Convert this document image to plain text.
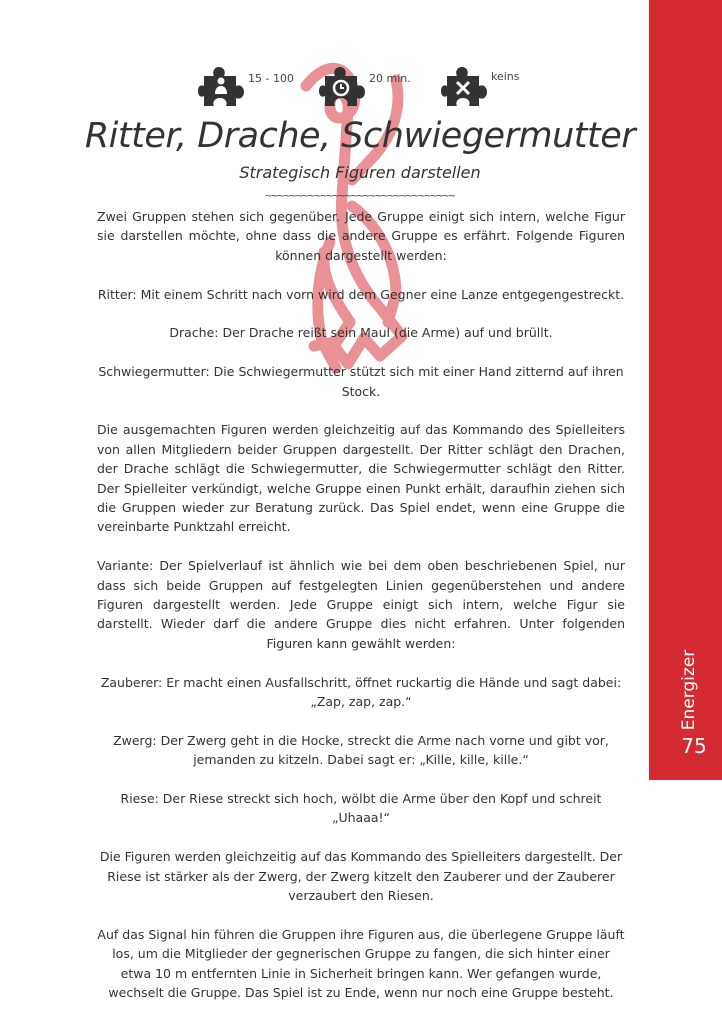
Energizer
75
15 - 100	20 min.	keins
Ritter, Drache, Schwiegermutter
Strategisch Figuren darstellen
~~~~~~~~~~~~~~~~~~~~~~~~~~~~~~~

Zwei Gruppen stehen sich gegenüber. Jede Gruppe einigt sich intern, welche Figur sie darstellen möchte, ohne dass die andere Gruppe es erfährt. Folgende Figuren können dargestellt werden:

Ritter: Mit einem Schritt nach vorn wird dem Gegner eine Lanze entgegengestreckt.

Drache: Der Drache reißt sein Maul (die Arme) auf und brüllt.

Schwiegermutter: Die Schwiegermutter stützt sich mit einer Hand zitternd auf ihren Stock.

Die ausgemachten Figuren werden gleichzeitig auf das Kommando des Spielleiters von allen Mitgliedern beider Gruppen dargestellt. Der Ritter schlägt den Drachen, der Drache schlägt die Schwiegermutter, die Schwiegermutter schlägt den Ritter. Der Spielleiter verkündigt, welche Gruppe einen Punkt erhält, daraufhin ziehen sich die Gruppen wieder zur Beratung zurück. Das Spiel endet, wenn eine Gruppe die vereinbarte Punktzahl erreicht.

Variante: Der Spielverlauf ist ähnlich wie bei dem oben beschriebenen Spiel, nur dass sich beide Gruppen auf festgelegten Linien gegenüberstehen und andere Figuren dargestellt werden. Jede Gruppe einigt sich intern, welche Figur sie darstellt. Wieder darf die andere Gruppe dies nicht erfahren. Unter folgenden Figuren kann gewählt werden:

Zauberer: Er macht einen Ausfallschritt, öffnet ruckartig die Hände und sagt dabei: „Zap, zap, zap.“

Zwerg: Der Zwerg geht in die Hocke, streckt die Arme nach vorne und gibt vor, jemanden zu kitzeln. Dabei sagt er: „Kille, kille, kille.“

Riese: Der Riese streckt sich hoch, wölbt die Arme über den Kopf und schreit „Uhaaa!“

Die Figuren werden gleichzeitig auf das Kommando des Spielleiters dargestellt. Der Riese ist stärker als der Zwerg, der Zwerg kitzelt den Zauberer und der Zauberer verzaubert den Riesen.

Auf das Signal hin führen die Gruppen ihre Figuren aus, die überlegene Gruppe läuft los, um die Mitglieder der gegnerischen Gruppe zu fangen, die sich hinter einer etwa 10 m entfernten Linie in Sicherheit bringen kann. Wer gefangen wurde, wechselt die Gruppe. Das Spiel ist zu Ende, wenn nur noch eine Gruppe besteht.
